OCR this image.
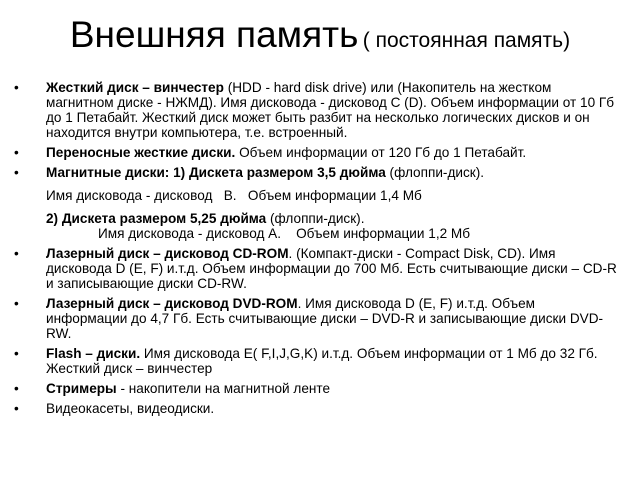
Внешняя память ( постоянная память)
• Жесткий диск – винчестер (HDD - hard disk drive) или (Накопитель на жестком магнитном диске - НЖМД). Имя дисковода - дисковод С (D). Объем информации от 10 Гб до 1 Петабайт. Жесткий диск может быть разбит на несколько логических дисков и он находится внутри компьютера, т.е. встроенный.
• Переносные жесткие диски. Объем информации от 120 Гб до 1 Петабайт.
• Магнитные диски: 1) Дискета размером 3,5 дюйма (флоппи-диск).
Имя дисковода - дисковод   В.   Объем информации 1,4 Мб
2) Дискета размером 5,25 дюйма (флоппи-диск).
Имя дисковода - дисковод А.    Объем информации 1,2 Мб
• Лазерный диск – дисковод CD-ROM. (Компакт-диски - Compact Disk, CD). Имя дисковода D (E, F) и.т.д. Объем информации до 700 Мб. Есть считывающие диски – CD-R и записывающие диски CD-RW.
• Лазерный диск – дисковод DVD-ROM. Имя дисковода D (E, F) и.т.д. Объем информации до 4,7 Гб. Есть считывающие диски – DVD-R и записывающие диски DVD-RW.
• Flash – диски. Имя дисковода E( F,I,J,G,K) и.т.д. Объем информации от 1 Мб до 32 Гб. Жесткий диск – винчестер
• Стримеры - накопители на магнитной ленте
• Видеокасеты, видеодиски.
